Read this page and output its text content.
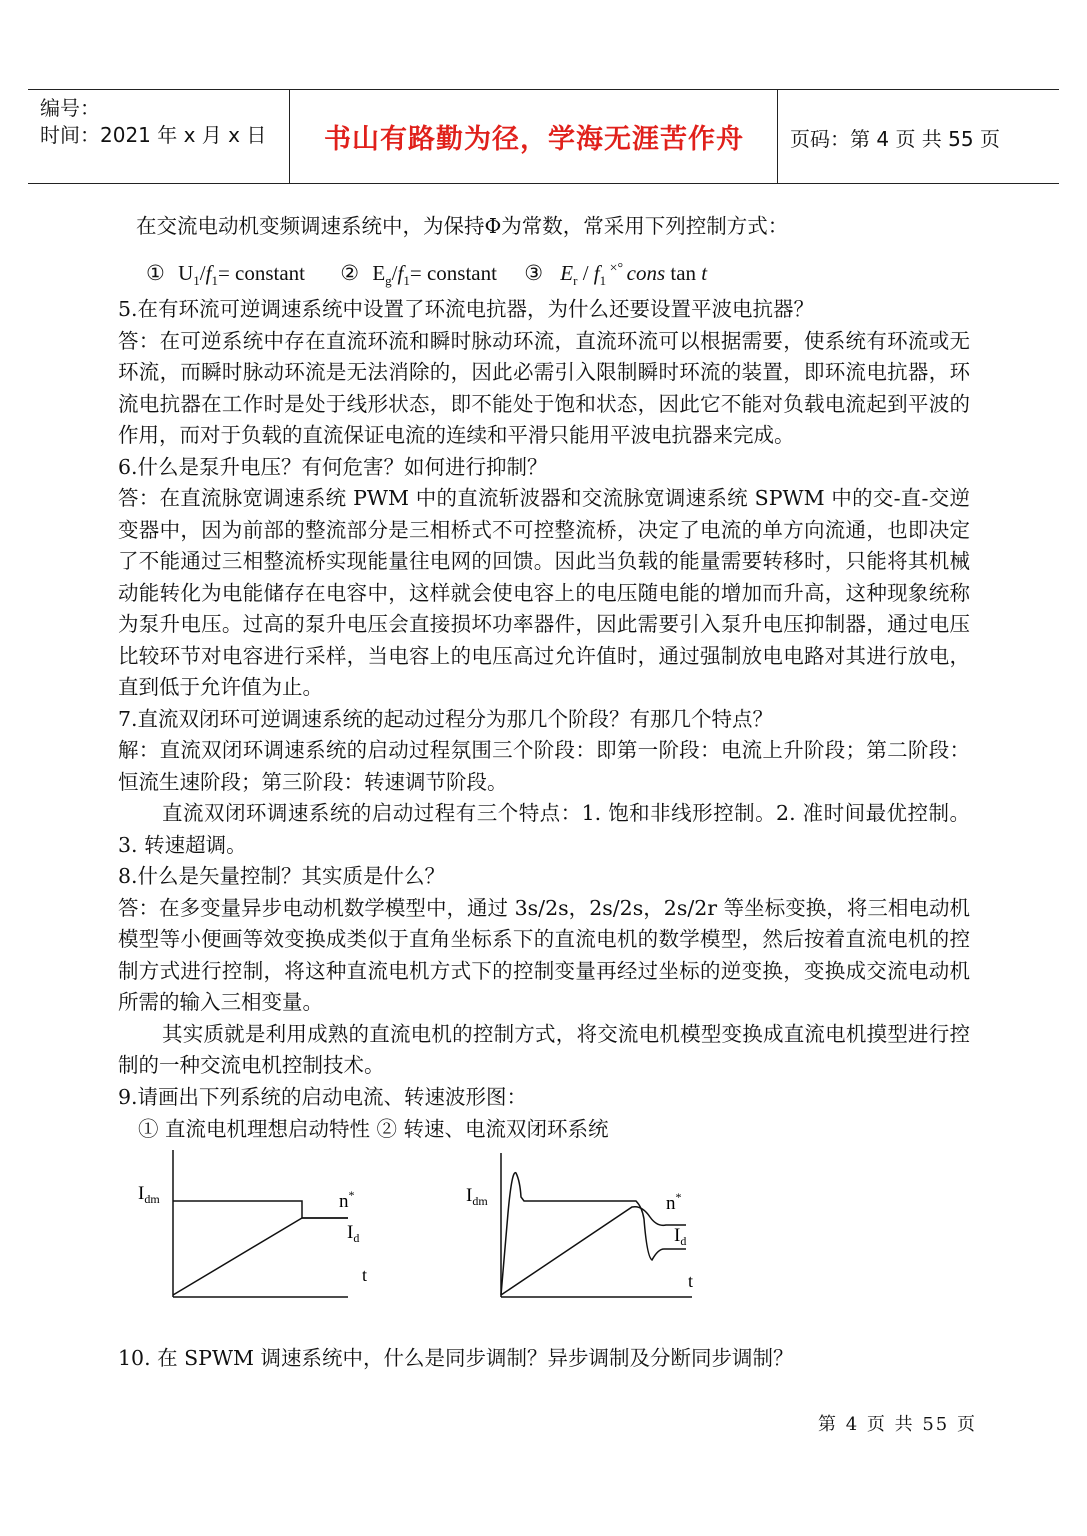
编号：
时间：2021 年 x 月 x 日	书山有路勤为径，学海无涯苦作舟	页码：第 4 页 共 55 页

在交流电动机变频调速系统中，为保持Φ为常数，常采用下列控制方式：

① $U_1/f_1=$ constant ② $E_g/f_1=$ constant ③ $E_r / f_1$ ×° cons tan t

5.在有环流可逆调速系统中设置了环流电抗器，为什么还要设置平波电抗器？

答：在可逆系统中存在直流环流和瞬时脉动环流，直流环流可以根据需要，使系统有环流或无环流，而瞬时脉动环流是无法消除的，因此必需引入限制瞬时环流的装置，即环流电抗器，环流电抗器在工作时是处于线形状态，即不能处于饱和状态，因此它不能对负载电流起到平波的作用，而对于负载的直流保证电流的连续和平滑只能用平波电抗器来完成。

6.什么是泵升电压？有何危害？如何进行抑制？

答：在直流脉宽调速系统 PWM 中的直流斩波器和交流脉宽调速系统 SPWM 中的交-直-交逆变器中，因为前部的整流部分是三相桥式不可控整流桥，决定了电流的单方向流通，也即决定了不能通过三相整流桥实现能量往电网的回馈。因此当负载的能量需要转移时，只能将其机械动能转化为电能储存在电容中，这样就会使电容上的电压随电能的增加而升高，这种现象统称为泵升电压。过高的泵升电压会直接损坏功率器件，因此需要引入泵升电压抑制器，通过电压比较环节对电容进行采样，当电容上的电压高过允许值时，通过强制放电电路对其进行放电，直到低于允许值为止。

7.直流双闭环可逆调速系统的起动过程分为那几个阶段？有那几个特点？

解：直流双闭环调速系统的启动过程氛围三个阶段：即第一阶段：电流上升阶段；第二阶段：恒流生速阶段；第三阶段：转速调节阶段。

直流双闭环调速系统的启动过程有三个特点：1. 饱和非线形控制。2. 准时间最优控制。3. 转速超调。

8.什么是矢量控制？其实质是什么？

答：在多变量异步电动机数学模型中，通过 3s/2s，2s/2s，2s/2r 等坐标变换，将三相电动机模型等小便画等效变换成类似于直角坐标系下的直流电机的数学模型，然后按着直流电机的控制方式进行控制，将这种直流电机方式下的控制变量再经过坐标的逆变换，变换成交流电动机所需的输入三相变量。

其实质就是利用成熟的直流电机的控制方式，将交流电机模型变换成直流电机摸型进行控制的一种交流电机控制技术。

9.请画出下列系统的启动电流、转速波形图：

① 直流电机理想启动特性 ② 转速、电流双闭环系统

$I_{dm}$	n*
$I_d$
t
$I_{dm}$	n*
$I_d$
t

10. 在 SPWM 调速系统中，什么是同步调制？异步调制及分断同步调制？

第 4 页 共 55 页
